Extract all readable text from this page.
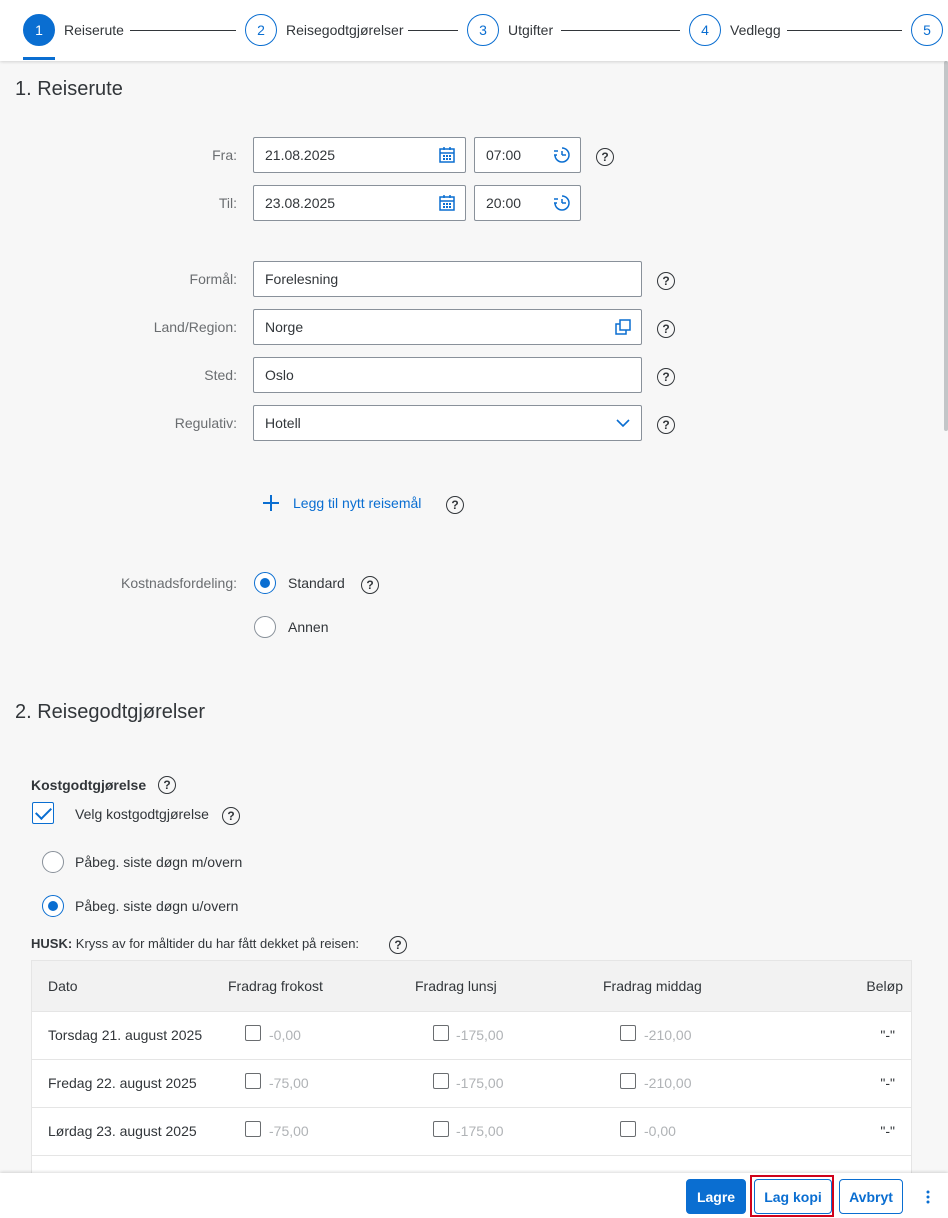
1	Reiserute	2	Reisegodtgjørelser	3	Utgifter	4	Vedlegg	5
1. Reiserute
Fra: 21.08.2025	07:00	?
Til: 23.08.2025	20:00
Formål: Forelesning	?
Land/Region: Norge	?
Sted: Oslo	?
Regulativ: Hotell	?
Legg til nytt reisemål	?
Kostnadsfordeling:	Standard	?
Annen
2. Reisegodtgjørelser
Kostgodtgjørelse	?
Velg kostgodtgjørelse	?
Påbeg. siste døgn m/overn
Påbeg. siste døgn u/overn
HUSK: Kryss av for måltider du har fått dekket på reisen:	?
Dato	Fradrag frokost	Fradrag lunsj	Fradrag middag	Beløp
Torsdag 21. august 2025	-0,00	-175,00	-210,00	"-"
Fredag 22. august 2025	-75,00	-175,00	-210,00	"-"
Lørdag 23. august 2025	-75,00	-175,00	-0,00	"-"
Lagre	Lag kopi	Avbryt
